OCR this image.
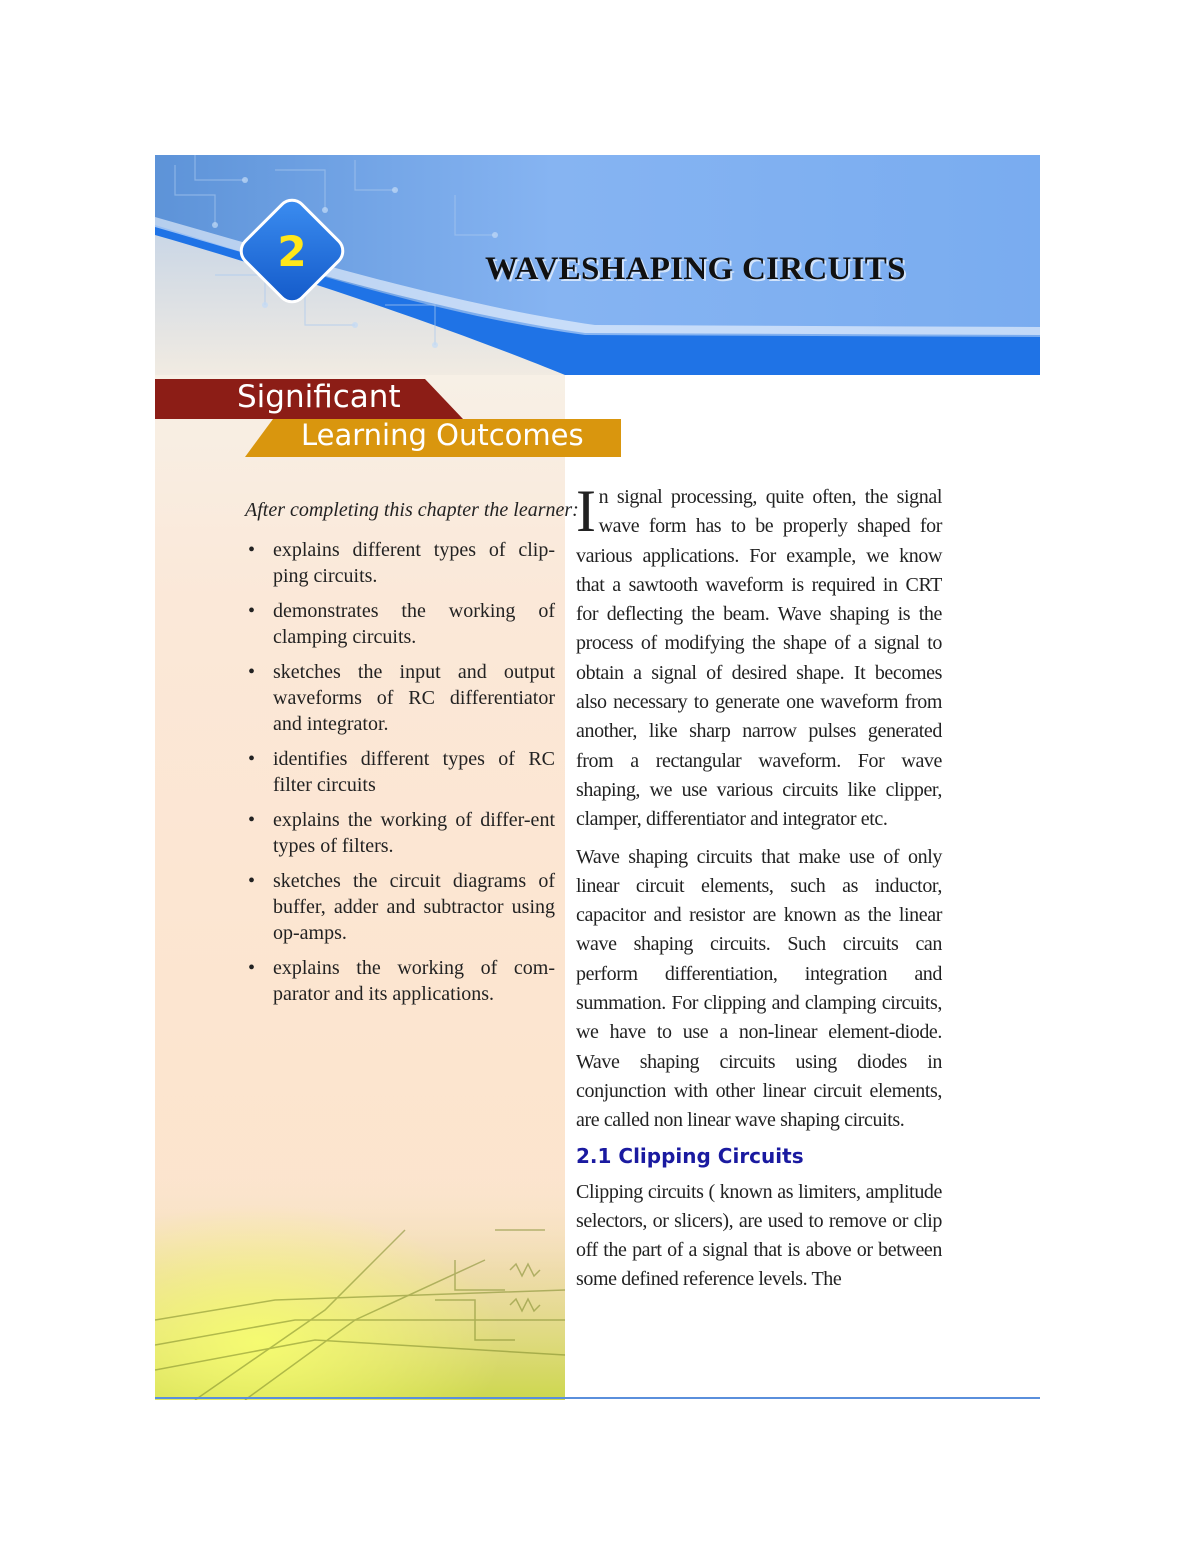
2	WAVESHAPING CIRCUITS
Significant
Learning Outcomes

After completing this chapter the learner:

• explains different types of clip-ping circuits.
• demonstrates the working of clamping circuits.
• sketches the input and output waveforms of RC differentiator and integrator.
• identifies different types of RC filter circuits
• explains the working of differ-ent types of filters.
• sketches the circuit diagrams of buffer, adder and subtractor using op-amps.
• explains the working of com-parator and its applications.

In signal processing, quite often, the signal wave form has to be properly shaped for various applications. For example, we know that a sawtooth waveform is required in CRT for deflecting the beam. Wave shaping is the process of modifying the shape of a signal to obtain a signal of desired shape. It becomes also necessary to generate one waveform from another, like sharp narrow pulses generated from a rectangular waveform. For wave shaping, we use various circuits like clipper, clamper, differentiator and integrator etc.

Wave shaping circuits that make use of only linear circuit elements, such as inductor, capacitor and resistor are known as the linear wave shaping circuits. Such circuits can perform differentiation, integration and summation. For clipping and clamping circuits, we have to use a non-linear element-diode. Wave shaping circuits using diodes in conjunction with other linear circuit elements, are called non linear wave shaping circuits.

2.1 Clipping Circuits

Clipping circuits ( known as limiters, amplitude selectors, or slicers), are used to remove or clip off the part of a signal that is above or between some defined reference levels. The
